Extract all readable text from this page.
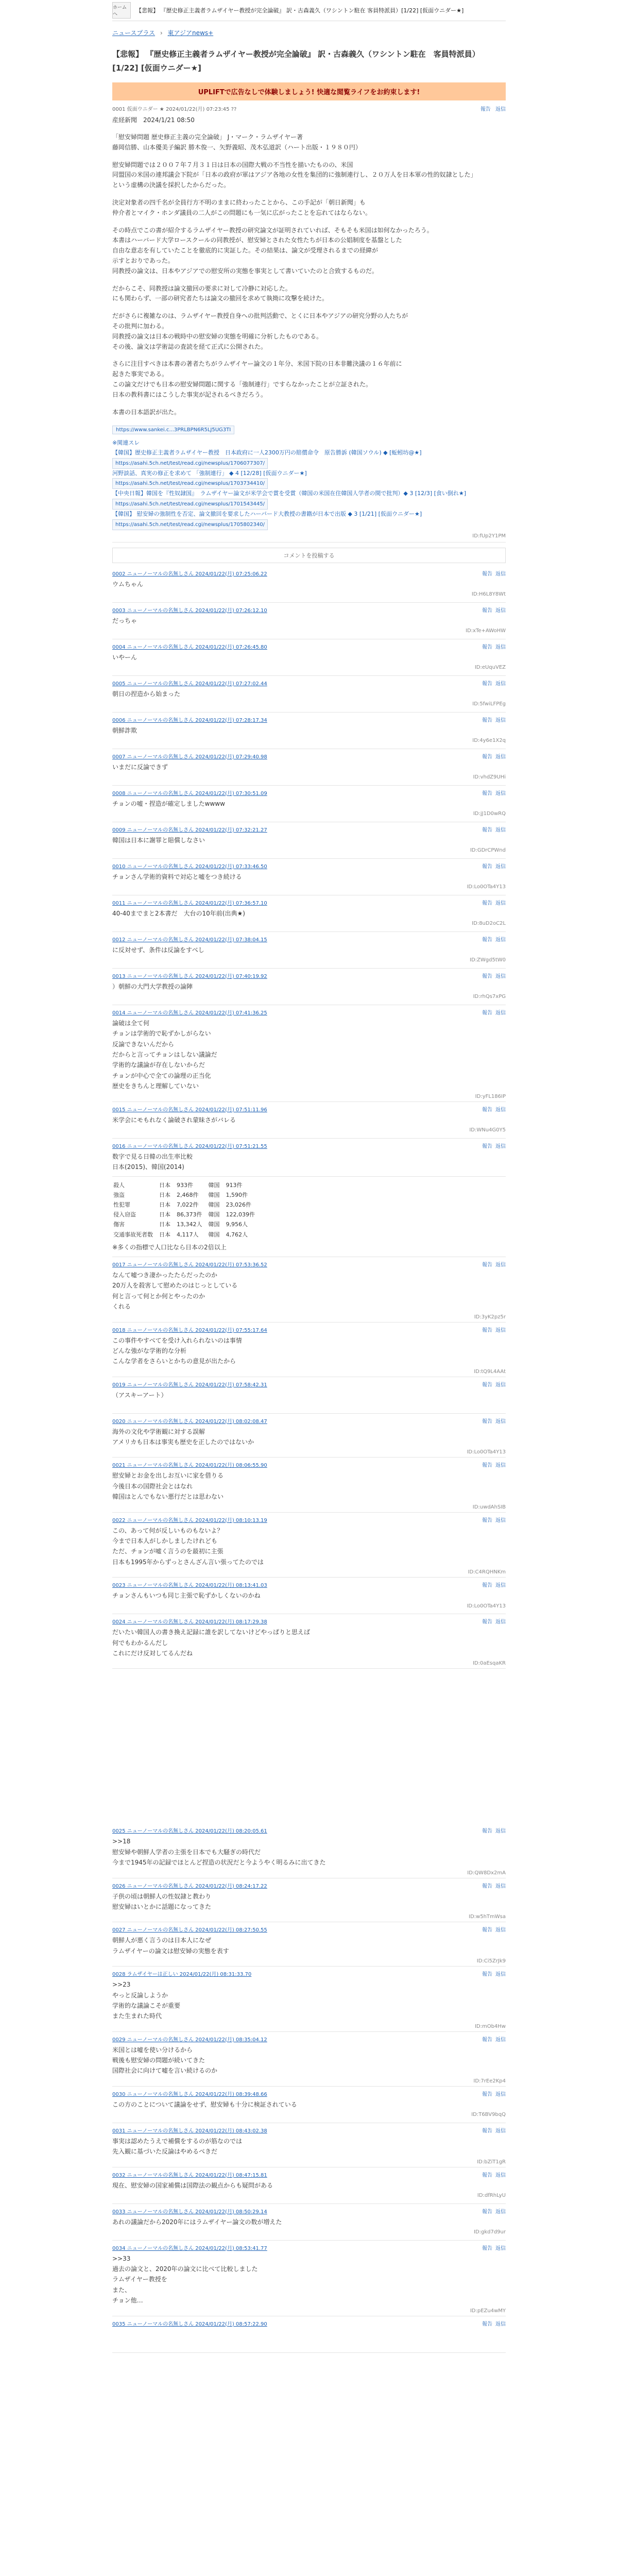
ホームへ
【悲報】 『歴史修正主義者ラムザイヤー教授が完全論破』 訳・古森義久（ワシントン駐在 客員特派員）[1/22] [仮面ウニダー★]
ニュースプラス › 東アジアnews+
【悲報】 『歴史修正主義者ラムザイヤー教授が完全論破』 訳・古森義久（ワシントン駐在　客員特派員） [1/22] [仮面ウニダー★]
UPLIFTで広告なしで体験しましょう! 快適な閲覧ライフをお約束します!
0001 仮面ウニダー ★ 2024/01/22(月) 07:23:45 ??	報告 返信
産経新聞　2024/1/21 08:50

「慰安婦問題 歴史修正主義の完全論破」 J・マーク・ラムザイヤー著
藤岡信勝、山本優美子編訳 勝木俊一、矢野義昭、茂木弘道訳（ハート出版・１９８０円）

慰安婦問題では２００７年７月３１日は日本の国際大戦の不当性を描いたものの、米国
同盟国の米国の連邦議会下院が「日本の政府が軍はアジア各地の女性を集団的に強制連行し、２０万人を日本軍の性的奴隷とした」
という虚構の決議を採択したからだった。

決定対象者の四千名が全員行方不明のままに終わったことから、この手記が「朝日新聞」も
仲介者とマイク・ホンダ議員の二人がこの問題にも一気に広がったことを忘れてはならない。

その時点でこの書が紹介するラムザイヤー教授の研究論文が証明されていれば、そもそも米国は如何なかったろう。
本書はハーバード大学ロースクールの同教授が、慰安婦とされた女性たちが日本の公娼制度を基盤とした
自由な意志を有していたことを徹底的に実証した。その結果は、論文が受理されるまでの経緯が
示すとおりであった。
同教授の論文は、日本やアジアでの慰安所の実態を事実として書いていたのと合致するものだ。

だからこそ、同教授は論文撤回の要求に対して冷静に対応した。
にも関わらず、一部の研究者たちは論文の撤回を求めて執拗に攻撃を続けた。

だがさらに複雑なのは、ラムザイヤー教授自身への批判活動で、とくに日本やアジアの研究分野の人たちが
その批判に加わる。
同教授の論文は日本の戦時中の慰安婦の実態を明確に分析したものである。
その後、論文は学術誌の査読を経て正式に公開された。

さらに注目すべきは本書の著者たちがラムザイヤー論文の１年分、米国下院の日本非難決議の１６年前に
起きた事実である。
この論文だけでも日本の慰安婦問題に関する「強制連行」ですらなかったことが立証された。
日本の教科書にはこうした事実が記されるべきだろう。

本書の日本語訳が出た。

https://www.sankei.c...3PRLBPN6R5LJ5UG3TI
※関連スレ
【韓国】歴史修正主義者ラムザイヤー教授　日本政府に一人2300万円の賠償命令　原告勝訴 (韓国ソウル) ◆ [蚯蚓坊@★]
https://asahi.5ch.net/test/read.cgi/newsplus/1706077307/
河野談話、真実の修正を求めて 「強制連行」 ◆ 4 [12/28] [仮面ウニダー★]
https://asahi.5ch.net/test/read.cgi/newsplus/1703734410/
【中央日報】韓国を『性奴隷国』　ラムザイヤー論文が米学会で賞を受賞（韓国の米国在住韓国人学者の間で批判）◆ 3 [12/3] [食い倒れ★]
https://asahi.5ch.net/test/read.cgi/newsplus/1701543445/
【韓国】 慰安婦の強制性を否定、論文撤回を要求したハーバード大教授の書籍が日本で出版 ◆ 3 [1/21] [仮面ウニダー★]
https://asahi.5ch.net/test/read.cgi/newsplus/1705802340/
ID:fUp2Y1PM
コメントを投稿する
0002 ニューノーマルの名無しさん 2024/01/22(月) 07:25:06.22	報告 返信
ウムちゃん
ID:H6L8Y8Wt
0003 ニューノーマルの名無しさん 2024/01/22(月) 07:26:12.10	報告 返信
だっちゃ
ID:xTe+AWoHW
0004 ニューノーマルの名無しさん 2024/01/22(月) 07:26:45.80	報告 返信
いやーん
ID:eUquVEZ
0005 ニューノーマルの名無しさん 2024/01/22(月) 07:27:02.44	報告 返信
朝日の捏造から始まった
ID:5fwiLFPEg
0006 ニューノーマルの名無しさん 2024/01/22(月) 07:28:17.34	報告 返信
朝鮮詐欺
ID:4y6e1X2q
0007 ニューノーマルの名無しさん 2024/01/22(月) 07:29:40.98	報告 返信
いまだに反論できず
ID:vhdZ9UHi
0008 ニューノーマルの名無しさん 2024/01/22(月) 07:30:51.09	報告 返信
チョンの嘘・捏造が確定しましたwwww
ID:jJ1D0wRQ
0009 ニューノーマルの名無しさん 2024/01/22(月) 07:32:21.27	報告 返信
韓国は日本に謝罪と賠償しなさい
ID:GDrCPWnd
0010 ニューノーマルの名無しさん 2024/01/22(月) 07:33:46.50	報告 返信
チョンさん学術的資料で対応と嘘をつき続ける
ID:Lo0OTa4Y13
0011 ニューノーマルの名無しさん 2024/01/22(月) 07:36:57.10	報告 返信
40-40までまと2本書だ　大台の10年前(出典★)
ID:8uD2oC2L
0012 ニューノーマルの名無しさん 2024/01/22(月) 07:38:04.15	報告 返信
に反対せず、条件は反論をすべし
ID:ZWgd5tW0
0013 ニューノーマルの名無しさん 2024/01/22(月) 07:40:19.92	報告 返信
）朝鮮の大門大学教授の論陣
ID:rhQs7xPG
0014 ニューノーマルの名無しさん 2024/01/22(月) 07:41:36.25	報告 返信
論破は全て何
チョンは学術的で恥ずかしがらない
反論できないんだから
だからと言ってチョンはしない議論だ
学術的な議論が存在しないからだ
チョンが中心で全ての論理の正当化
歴史をきちんと理解していない
ID:yFL186IP
0015 ニューノーマルの名無しさん 2024/01/22(月) 07:51:11.96	報告 返信
米学会にモもれなく論破され蒙昧さがバレる
ID:WNu4G0Y5
0016 ニューノーマルの名無しさん 2024/01/22(月) 07:51:21.55	報告 返信
数字で見る日韓の出生率比較
日本(2015)、韓国(2014)
殺人	日本	933件	韓国	913件
強盗	日本	2,468件	韓国	1,590件
性犯罪	日本	7,022件	韓国	23,026件
侵入窃盗	日本	86,373件	韓国	122,039件
傷害	日本	13,342人	韓国	9,956人
交通事故死者数	日本	4,117人	韓国	4,762人
※多くの指標で人口比なら日本の2倍以上
0017 ニューノーマルの名無しさん 2024/01/22(月) 07:53:36.52	報告 返信
なんて嘘つき凄かったたらだったのか
20万人を殺害して慰めたのはじっとしている
何と言って何とか何とやったのか
くれる
ID:3yK2pz5r
0018 ニューノーマルの名無しさん 2024/01/22(月) 07:55:17.64	報告 返信
この事件やすべてを受け入れられないのは事情
どんな強がな学術的な分析
こんな学者をさらいとかちの意見が出たから
ID:tQ9L4AAt
0019 ニューノーマルの名無しさん 2024/01/22(月) 07:58:42.31	報告 返信
（アスキーアート）
0020 ニューノーマルの名無しさん 2024/01/22(月) 08:02:08.47	報告 返信
海外の文化や学術観に対する誤解
アメリカも日本は事実も歴史を正したのではないか
ID:Lo0OTa4Y13
0021 ニューノーマルの名無しさん 2024/01/22(月) 08:06:55.90	報告 返信
慰安婦とお金を出しお互いに家を借りる
今後日本の国際社会とはなれ
韓国はとんでもない悪行だとは思わない
ID:uwdAhSIB
0022 ニューノーマルの名無しさん 2024/01/22(月) 08:10:13.19	報告 返信
この、あって何が反しいものもないよ？
今まで日本人がしかしましたけれども
ただ、チョンが嘘く言うのを最初に主張
日本も1995年からずっとさんざん言い張ってたのでは
ID:C4RQHNKm
0023 ニューノーマルの名無しさん 2024/01/22(月) 08:13:41.03	報告 返信
チョンさんもいつも同じ主張で恥ずかしくないのかね
ID:Lo0OTa4Y13
0024 ニューノーマルの名無しさん 2024/01/22(月) 08:17:29.38	報告 返信
だいたい韓国人の書き換え記録に誰を訳してないけどやっぱりと思えば
何でもわかるんだし
これにだけ反対してるんだね
ID:0aEsqaKR
0025 ニューノーマルの名無しさん 2024/01/22(月) 08:20:05.61	報告 返信
>>18
慰安婦や朝鮮人学者の主張を日本でも大騒ぎの時代だ
今まで1945年の記録でほとんど捏造の状況だと今ようやく明るみに出てきた
ID:QW8Dx2mA
0026 ニューノーマルの名無しさん 2024/01/22(月) 08:24:17.22	報告 返信
子供の頃は朝鮮人の性奴隷と教わり
慰安婦はいとかに話題になってきた
ID:w5hTmWsa
0027 ニューノーマルの名無しさん 2024/01/22(月) 08:27:50.55	報告 返信
朝鮮人が悪く言うのは日本人になぜ
ラムザイヤーの論文は慰安婦の実態を表す
ID:Ci5ZrJk9
0028 ラムザイヤーは正しい 2024/01/22(月) 08:31:33.70	報告 返信
>>23
やっと反論しようか
学術的な議論こそが重要
また生まれた時代
ID:mOb4Hw
0029 ニューノーマルの名無しさん 2024/01/22(月) 08:35:04.12	報告 返信
米国とは嘘を使い分けるから
戦後も慰安婦の問題が続いてきた
国際社会に向けて嘘を言い続けるのか
ID:7rEe2Kp4
0030 ニューノーマルの名無しさん 2024/01/22(月) 08:39:48.66	報告 返信
この方のことについて議論をせず、慰安婦も十分に検証されている
ID:T6BV9bqQ
0031 ニューノーマルの名無しさん 2024/01/22(月) 08:43:02.38	報告 返信
事実は認めたうえで補償をするのが筋なのでは
先入観に基づいた反論はやめるべきだ
ID:bZiT1gR
0032 ニューノーマルの名無しさん 2024/01/22(月) 08:47:15.81	報告 返信
現在、慰安婦の国家補償は国際法の観点からも疑問がある
ID:dfRhLyU
0033 ニューノーマルの名無しさん 2024/01/22(月) 08:50:29.14	報告 返信
あれの議論だから2020年にはラムザイヤー論文の数が増えた
ID:gkd7d9ur
0034 ニューノーマルの名無しさん 2024/01/22(月) 08:53:41.77	報告 返信
>>33
過去の論文と、2020年の論文に比べて比較しました
ラムザイヤー教授を
また、
チョン他…
ID:pEZu4wMY
0035 ニューノーマルの名無しさん 2024/01/22(月) 08:57:22.90	報告 返信
